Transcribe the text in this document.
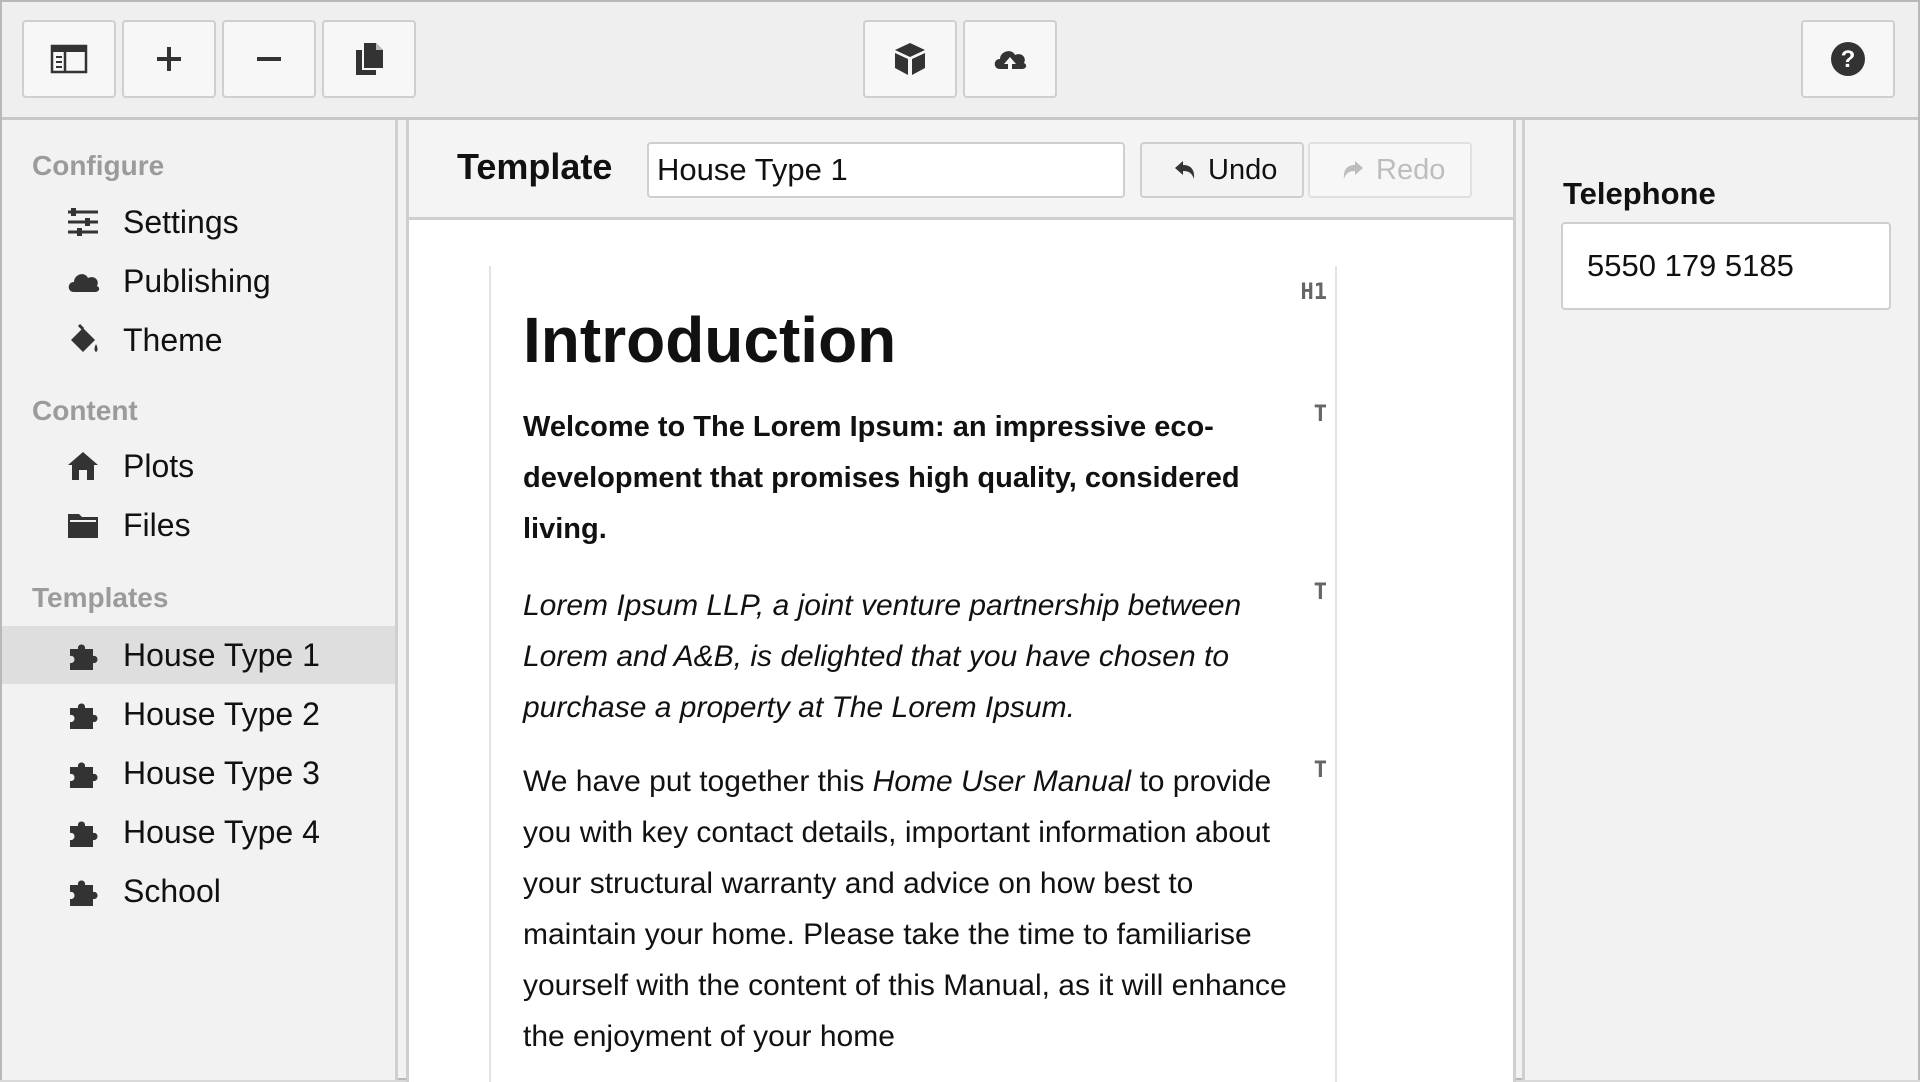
?
Configure
Settings
Publishing
Theme
Content
Plots
Files
Templates
House Type 1
House Type 2
House Type 3
House Type 4
School
Template
House Type 1	Undo	Redo
H1
Introduction
T

Welcome to The Lorem Ipsum: an impressive eco-development that promises high quality, considered living.

T

Lorem Ipsum LLP, a joint venture partnership between Lorem and A&B, is delighted that you have chosen to purchase a property at The Lorem Ipsum.

T

We have put together this Home User Manual to provide you with key contact details, important information about your structural warranty and advice on how best to maintain your home. Please take the time to familiarise yourself with the content of this Manual, as it will enhance the enjoyment of your home

Telephone
5550 179 5185
